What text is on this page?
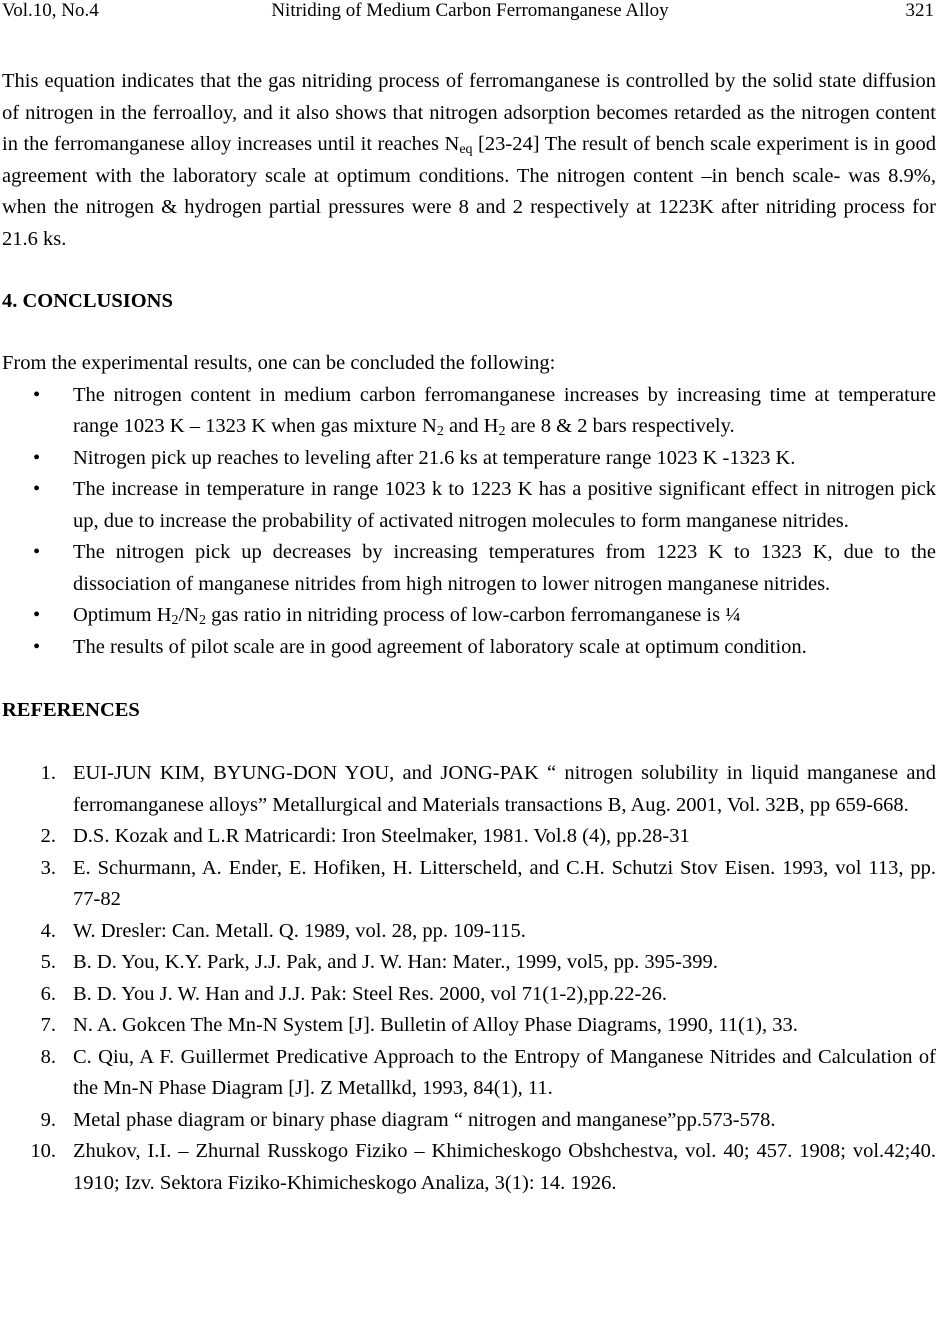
Vol.10, No.4	Nitriding of Medium Carbon Ferromanganese Alloy	321

This equation indicates that the gas nitriding process of ferromanganese is controlled by the solid state diffusion of nitrogen in the ferroalloy, and it also shows that nitrogen adsorption becomes retarded as the nitrogen content in the ferromanganese alloy increases until it reaches $N_{eq}$ [23-24] The result of bench scale experiment is in good agreement with the laboratory scale at optimum conditions. The nitrogen content –in bench scale- was 8.9%, when the nitrogen & hydrogen partial pressures were 8 and 2 respectively at 1223K after nitriding process for 21.6 ks.

4. CONCLUSIONS

From the experimental results, one can be concluded the following:

• The nitrogen content in medium carbon ferromanganese increases by increasing time at temperature range 1023 K – 1323 K when gas mixture $N_2$ and $H_2$ are 8 & 2 bars respectively.
• Nitrogen pick up reaches to leveling after 21.6 ks at temperature range 1023 K -1323 K.
• The increase in temperature in range 1023 k to 1223 K has a positive significant effect in nitrogen pick up, due to increase the probability of activated nitrogen molecules to form manganese nitrides.
• The nitrogen pick up decreases by increasing temperatures from 1223 K to 1323 K, due to the dissociation of manganese nitrides from high nitrogen to lower nitrogen manganese nitrides.
• Optimum $H_2/N_2$ gas ratio in nitriding process of low-carbon ferromanganese is ¼
• The results of pilot scale are in good agreement of laboratory scale at optimum condition.
REFERENCES
1. EUI-JUN KIM, BYUNG-DON YOU, and JONG-PAK “ nitrogen solubility in liquid manganese and ferromanganese alloys” Metallurgical and Materials transactions B, Aug. 2001, Vol. 32B, pp 659-668.
2. D.S. Kozak and L.R Matricardi: Iron Steelmaker, 1981. Vol.8 (4), pp.28-31
3. E. Schurmann, A. Ender, E. Hofiken, H. Litterscheld, and C.H. Schutzi Stov Eisen. 1993, vol 113, pp. 77-82
4. W. Dresler: Can. Metall. Q. 1989, vol. 28, pp. 109-115.
5. B. D. You, K.Y. Park, J.J. Pak, and J. W. Han: Mater., 1999, vol5, pp. 395-399.
6. B. D. You J. W. Han and J.J. Pak: Steel Res. 2000, vol 71(1-2),pp.22-26.
7. N. A. Gokcen The Mn-N System [J]. Bulletin of Alloy Phase Diagrams, 1990, 11(1), 33.
8. C. Qiu, A F. Guillermet Predicative Approach to the Entropy of Manganese Nitrides and Calculation of the Mn-N Phase Diagram [J]. Z Metallkd, 1993, 84(1), 11.
9. Metal phase diagram or binary phase diagram “ nitrogen and manganese”pp.573-578.
10. Zhukov, I.I. – Zhurnal Russkogo Fiziko – Khimicheskogo Obshchestva, vol. 40; 457. 1908; vol.42;40. 1910; Izv. Sektora Fiziko-Khimicheskogo Analiza, 3(1): 14. 1926.
